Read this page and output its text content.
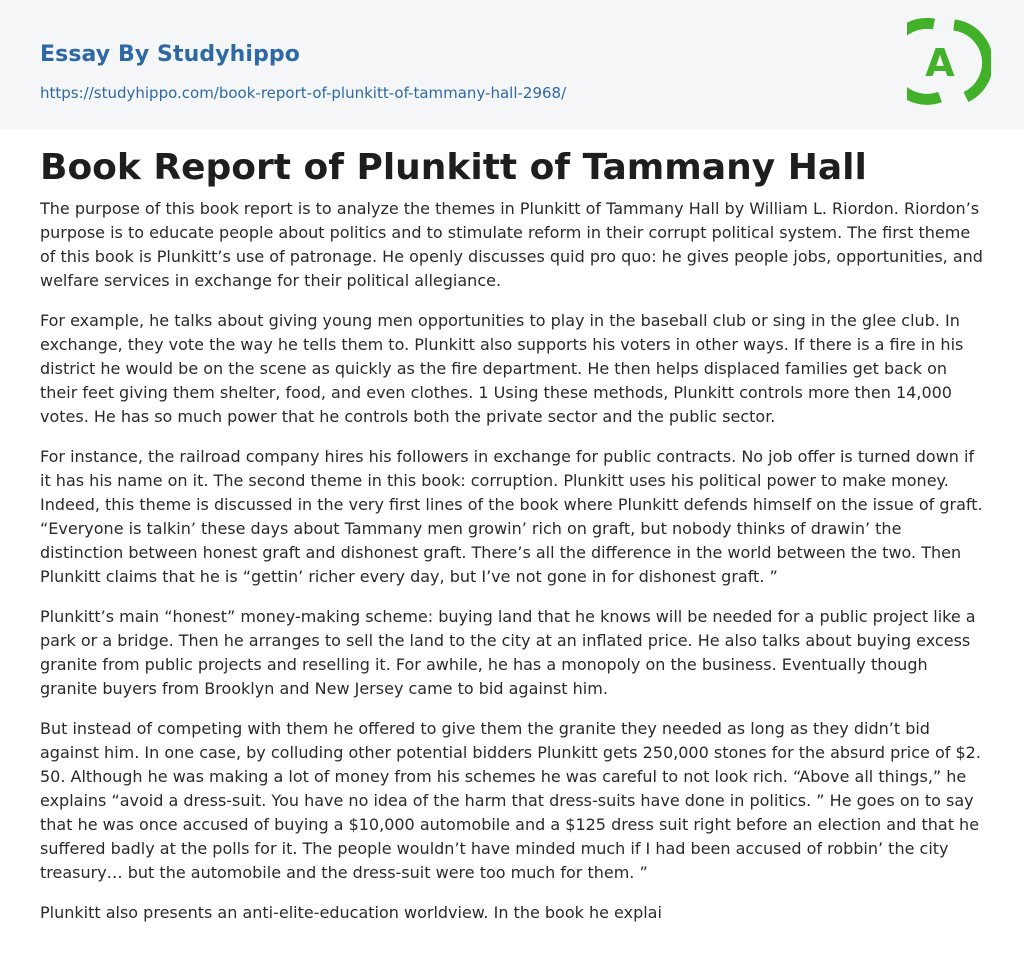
Essay By Studyhippo
https://studyhippo.com/book-report-of-plunkitt-of-tammany-hall-2968/
A
Book Report of Plunkitt of Tammany Hall

The purpose of this book report is to analyze the themes in Plunkitt of Tammany Hall by William L. Riordon. Riordon’s purpose is to educate people about politics and to stimulate reform in their corrupt political system. The first theme of this book is Plunkitt’s use of patronage. He openly discusses quid pro quo: he gives people jobs, opportunities, and welfare services in exchange for their political allegiance.

For example, he talks about giving young men opportunities to play in the baseball club or sing in the glee club. In exchange, they vote the way he tells them to. Plunkitt also supports his voters in other ways. If there is a fire in his district he would be on the scene as quickly as the fire department. He then helps displaced families get back on their feet giving them shelter, food, and even clothes. 1 Using these methods, Plunkitt controls more then 14,000 votes. He has so much power that he controls both the private sector and the public sector.

For instance, the railroad company hires his followers in exchange for public contracts. No job offer is turned down if it has his name on it. The second theme in this book: corruption. Plunkitt uses his political power to make money. Indeed, this theme is discussed in the very first lines of the book where Plunkitt defends himself on the issue of graft. “Everyone is talkin’ these days about Tammany men growin’ rich on graft, but nobody thinks of drawin’ the distinction between honest graft and dishonest graft. There’s all the difference in the world between the two. Then Plunkitt claims that he is “gettin’ richer every day, but I’ve not gone in for dishonest graft. ”

Plunkitt’s main “honest” money-making scheme: buying land that he knows will be needed for a public project like a park or a bridge. Then he arranges to sell the land to the city at an inflated price. He also talks about buying excess granite from public projects and reselling it. For awhile, he has a monopoly on the business. Eventually though granite buyers from Brooklyn and New Jersey came to bid against him.

But instead of competing with them he offered to give them the granite they needed as long as they didn’t bid against him. In one case, by colluding other potential bidders Plunkitt gets 250,000 stones for the absurd price of $2. 50. Although he was making a lot of money from his schemes he was careful to not look rich. “Above all things,” he explains “avoid a dress-suit. You have no idea of the harm that dress-suits have done in politics. ” He goes on to say that he was once accused of buying a $10,000 automobile and a $125 dress suit right before an election and that he suffered badly at the polls for it. The people wouldn’t have minded much if I had been accused of robbin’ the city treasury… but the automobile and the dress-suit were too much for them. ”

Plunkitt also presents an anti-elite-education worldview. In the book he explai
